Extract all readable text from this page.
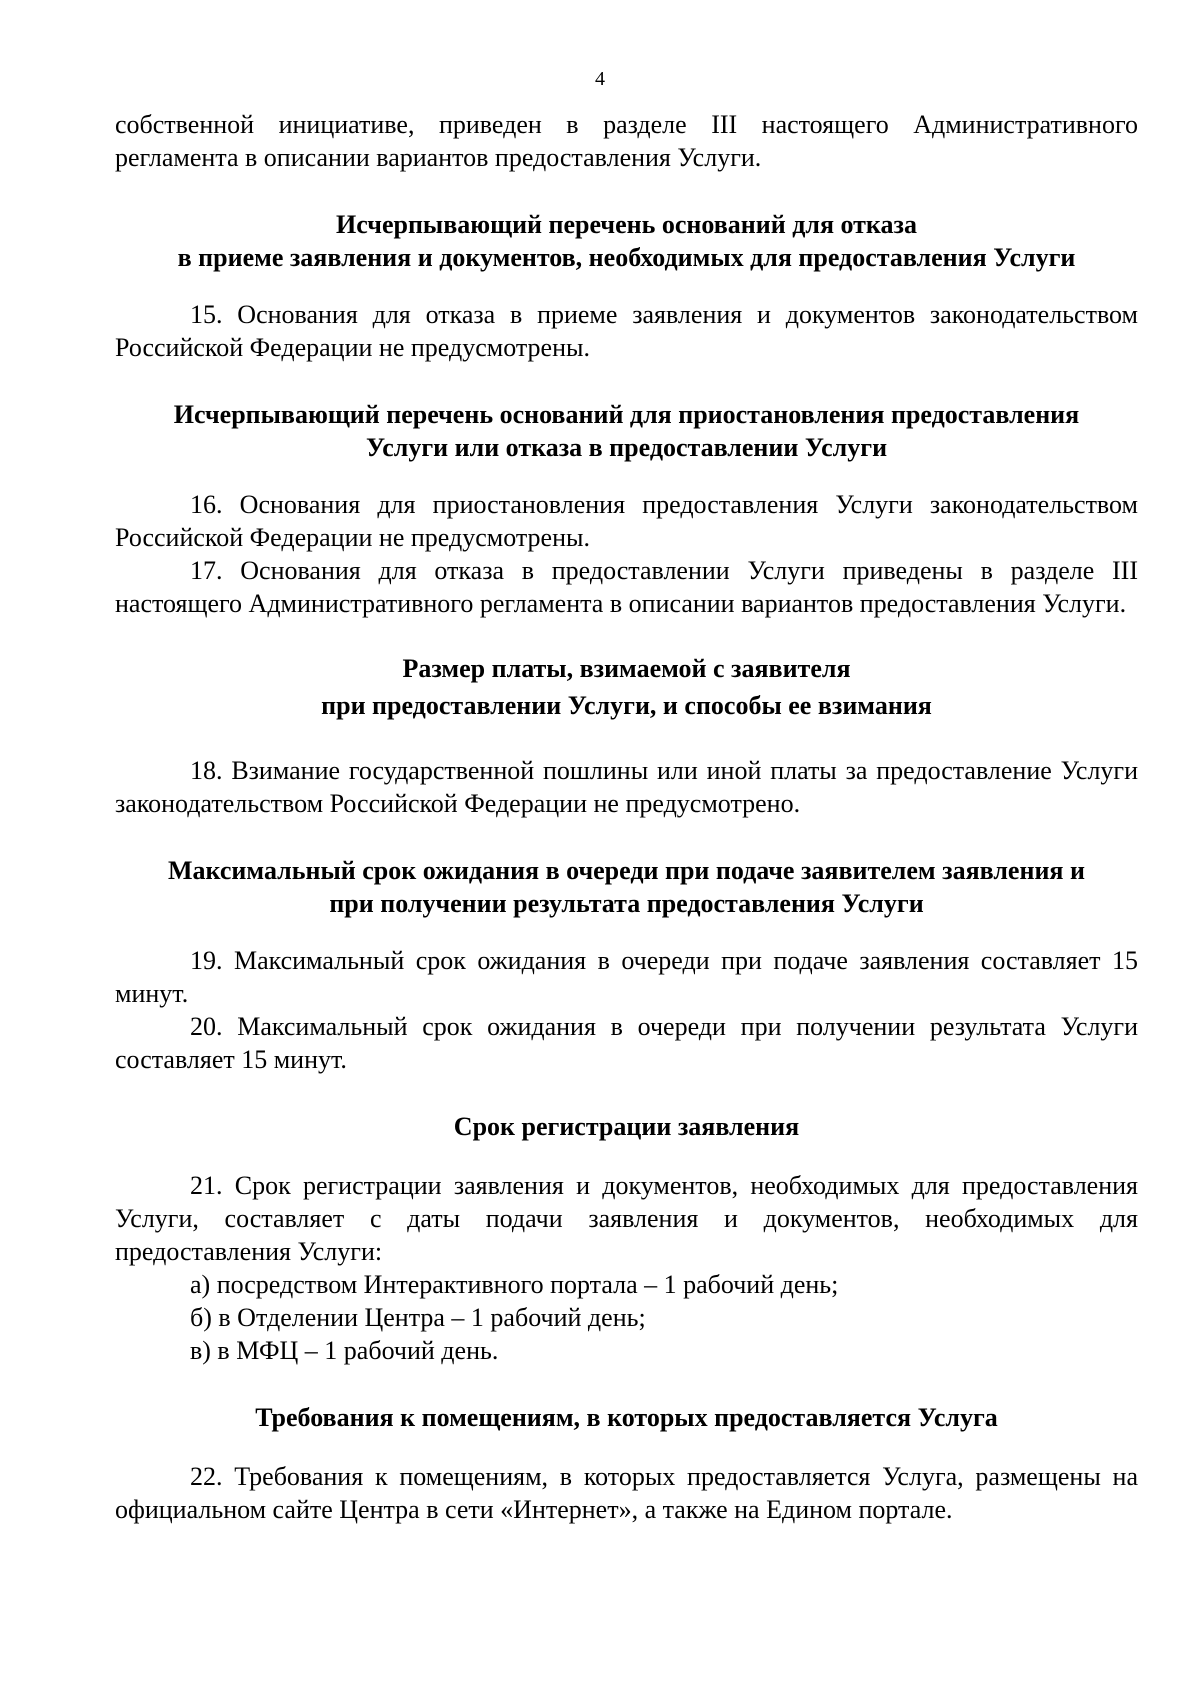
4

собственной инициативе, приведен в разделе III настоящего Административного регламента в описании вариантов предоставления Услуги.

Исчерпывающий перечень оснований для отказа
в приеме заявления и документов, необходимых для предоставления Услуги

15. Основания для отказа в приеме заявления и документов законодательством Российской Федерации не предусмотрены.

Исчерпывающий перечень оснований для приостановления предоставления
Услуги или отказа в предоставлении Услуги

16. Основания для приостановления предоставления Услуги законодательством Российской Федерации не предусмотрены.

17. Основания для отказа в предоставлении Услуги приведены в разделе III настоящего Административного регламента в описании вариантов предоставления Услуги.

Размер платы, взимаемой с заявителя
при предоставлении Услуги, и способы ее взимания

18. Взимание государственной пошлины или иной платы за предоставление Услуги законодательством Российской Федерации не предусмотрено.

Максимальный срок ожидания в очереди при подаче заявителем заявления и
при получении результата предоставления Услуги

19. Максимальный срок ожидания в очереди при подаче заявления составляет 15 минут.

20. Максимальный срок ожидания в очереди при получении результата Услуги составляет 15 минут.

Срок регистрации заявления

21. Срок регистрации заявления и документов, необходимых для предоставления Услуги, составляет с даты подачи заявления и документов, необходимых для предоставления Услуги:

а) посредством Интерактивного портала – 1 рабочий день;

б) в Отделении Центра – 1 рабочий день;

в) в МФЦ – 1 рабочий день.

Требования к помещениям, в которых предоставляется Услуга

22. Требования к помещениям, в которых предоставляется Услуга, размещены на официальном сайте Центра в сети «Интернет», а также на Едином портале.
